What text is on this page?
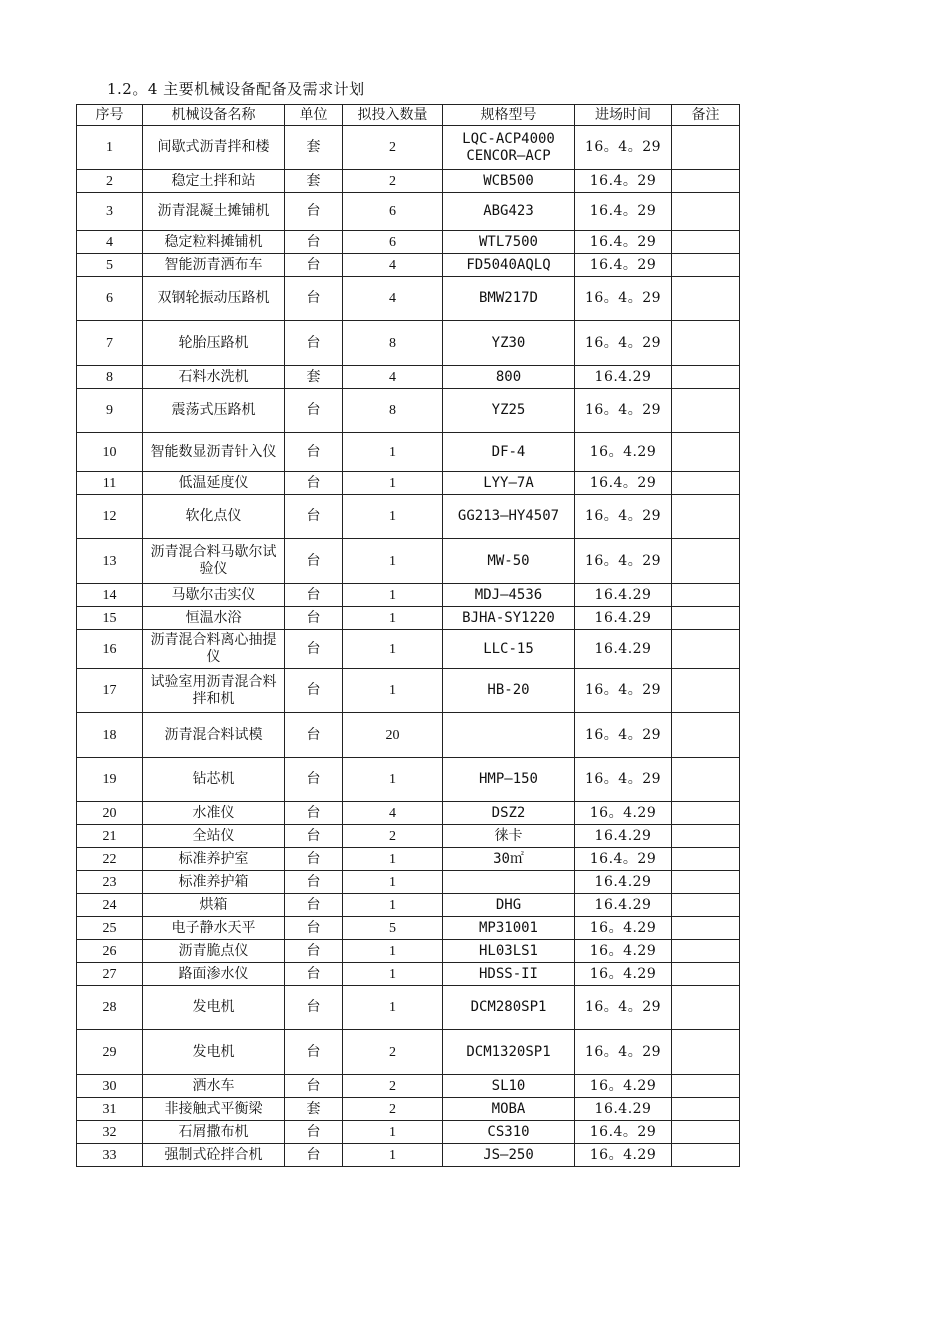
1.2。4 主要机械设备配备及需求计划
序号	机械设备名称	单位	拟投入数量	规格型号	进场时间	备注
1	间歇式沥青拌和楼	套	2	LQC-ACP4000 CENCOR—ACP	16。4。29	
2	稳定土拌和站	套	2	WCB500	16.4。29	
3	沥青混凝土摊铺机	台	6	ABG423	16.4。29	
4	稳定粒料摊铺机	台	6	WTL7500	16.4。29	
5	智能沥青洒布车	台	4	FD5040AQLQ	16.4。29	
6	双钢轮振动压路机	台	4	BMW217D	16。4。29	
7	轮胎压路机	台	8	YZ30	16。4。29	
8	石料水洗机	套	4	800	16.4.29	
9	震荡式压路机	台	8	YZ25	16。4。29	
10	智能数显沥青针入仪	台	1	DF-4	16。4.29	
11	低温延度仪	台	1	LYY—7A	16.4。29	
12	软化点仪	台	1	GG213—HY4507	16。4。29	
13	沥青混合料马歇尔试验仪	台	1	MW-50	16。4。29	
14	马歇尔击实仪	台	1	MDJ—4536	16.4.29	
15	恒温水浴	台	1	BJHA-SY1220	16.4.29	
16	沥青混合料离心抽提仪	台	1	LLC-15	16.4.29	
17	试验室用沥青混合料拌和机	台	1	HB-20	16。4。29	
18	沥青混合料试模	台	20		16。4。29	
19	钻芯机	台	1	HMP—150	16。4。29	
20	水准仪	台	4	DSZ2	16。4.29	
21	全站仪	台	2	徕卡	16.4.29	
22	标准养护室	台	1	30㎡	16.4。29	
23	标准养护箱	台	1		16.4.29	
24	烘箱	台	1	DHG	16.4.29	
25	电子静水天平	台	5	MP31001	16。4.29	
26	沥青脆点仪	台	1	HL03LS1	16。4.29	
27	路面渗水仪	台	1	HDSS-II	16。4.29	
28	发电机	台	1	DCM280SP1	16。4。29	
29	发电机	台	2	DCM1320SP1	16。4。29	
30	洒水车	台	2	SL10	16。4.29	
31	非接触式平衡梁	套	2	MOBA	16.4.29	
32	石屑撒布机	台	1	CS310	16.4。29	
33	强制式砼拌合机	台	1	JS—250	16。4.29	
